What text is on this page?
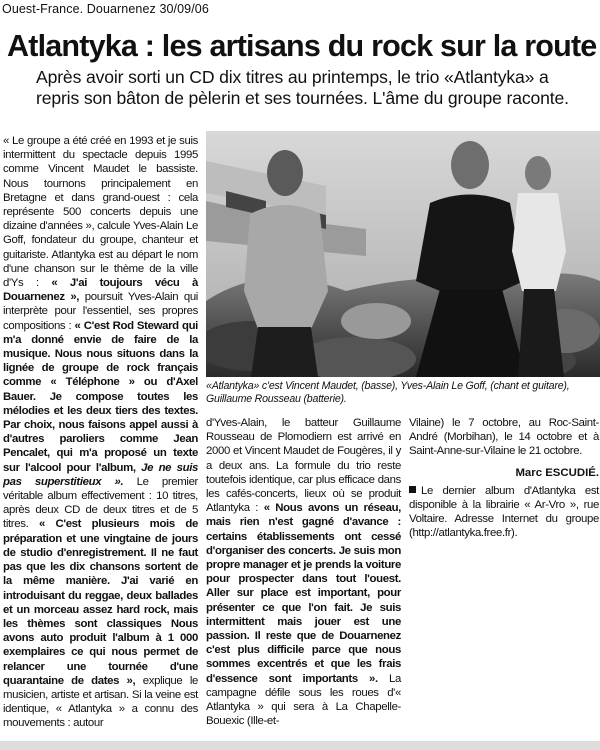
Ouest-France. Douarnenez 30/09/06
Atlantyka : les artisans du rock sur la route

Après avoir sorti un CD dix titres au printemps, le trio «Atlantyka» a repris son bâton de pèlerin et ses tournées. L'âme du groupe raconte.

« Le groupe a été créé en 1993 et je suis intermittent du spectacle depuis 1995 comme Vincent Maudet le bassiste. Nous tournons principalement en Bretagne et dans grand-ouest : cela représente 500 concerts depuis une dizaine d'années », calcule Yves-Alain Le Goff, fondateur du groupe, chanteur et guitariste. Atlantyka est au départ le nom d'une chanson sur le thème de la ville d'Ys : « J'ai toujours vécu à Douarnenez », poursuit Yves-Alain qui interprète pour l'essentiel, ses propres compositions : « C'est Rod Steward qui m'a donné envie de faire de la musique. Nous nous situons dans la lignée de groupe de rock français comme « Téléphone » ou d'Axel Bauer. Je compose toutes les mélodies et les deux tiers des textes. Par choix, nous faisons appel aussi à d'autres paroliers comme Jean Pencalet, qui m'a proposé un texte sur l'alcool pour l'album, Je ne suis pas superstitieux ». Le premier véritable album effectivement : 10 titres, après deux CD de deux titres et de 5 titres. « C'est plusieurs mois de préparation et une vingtaine de jours de studio d'enregistrement. Il ne faut pas que les dix chansons sortent de la même manière. J'ai varié en introduisant du reggae, deux ballades et un morceau assez hard rock, mais les thèmes sont classiques Nous avons auto produit l'album à 1 000 exemplaires ce qui nous permet de relancer une tournée d'une quarantaine de dates », explique le musicien, artiste et artisan. Si la veine est identique, « Atlantyka » a connu des mouvements : autour
«Atlantyka» c'est Vincent Maudet, (basse), Yves-Alain Le Goff, (chant et guitare), Guillaume Rousseau (batterie).
d'Yves-Alain, le batteur Guillaume Rousseau de Plomodiern est arrivé en 2000 et Vincent Maudet de Fougères, il y a deux ans. La formule du trio reste toutefois identique, car plus efficace dans les cafés-concerts, lieux où se produit Atlantyka : « Nous avons un réseau, mais rien n'est gagné d'avance : certains établissements ont cessé d'organiser des concerts. Je suis mon propre manager et je prends la voiture pour prospecter dans tout l'ouest. Aller sur place est important, pour présenter ce que l'on fait. Je suis intermittent mais jouer est une passion. Il reste que de Douarnenez c'est plus difficile parce que nous sommes excentrés et que les frais d'essence sont importants ». La campagne défile sous les roues d'« Atlantyka » qui sera à La Chapelle-Bouexic (Ille-et-
Vilaine) le 7 octobre, au Roc-Saint-André (Morbihan), le 14 octobre et à Saint-Anne-sur-Vilaine le 21 octobre.
Marc ESCUDIÉ.
Le dernier album d'Atlantyka est disponible à la librairie « Ar-Vro », rue Voltaire. Adresse Internet du groupe (http://atlantyka.free.fr).
